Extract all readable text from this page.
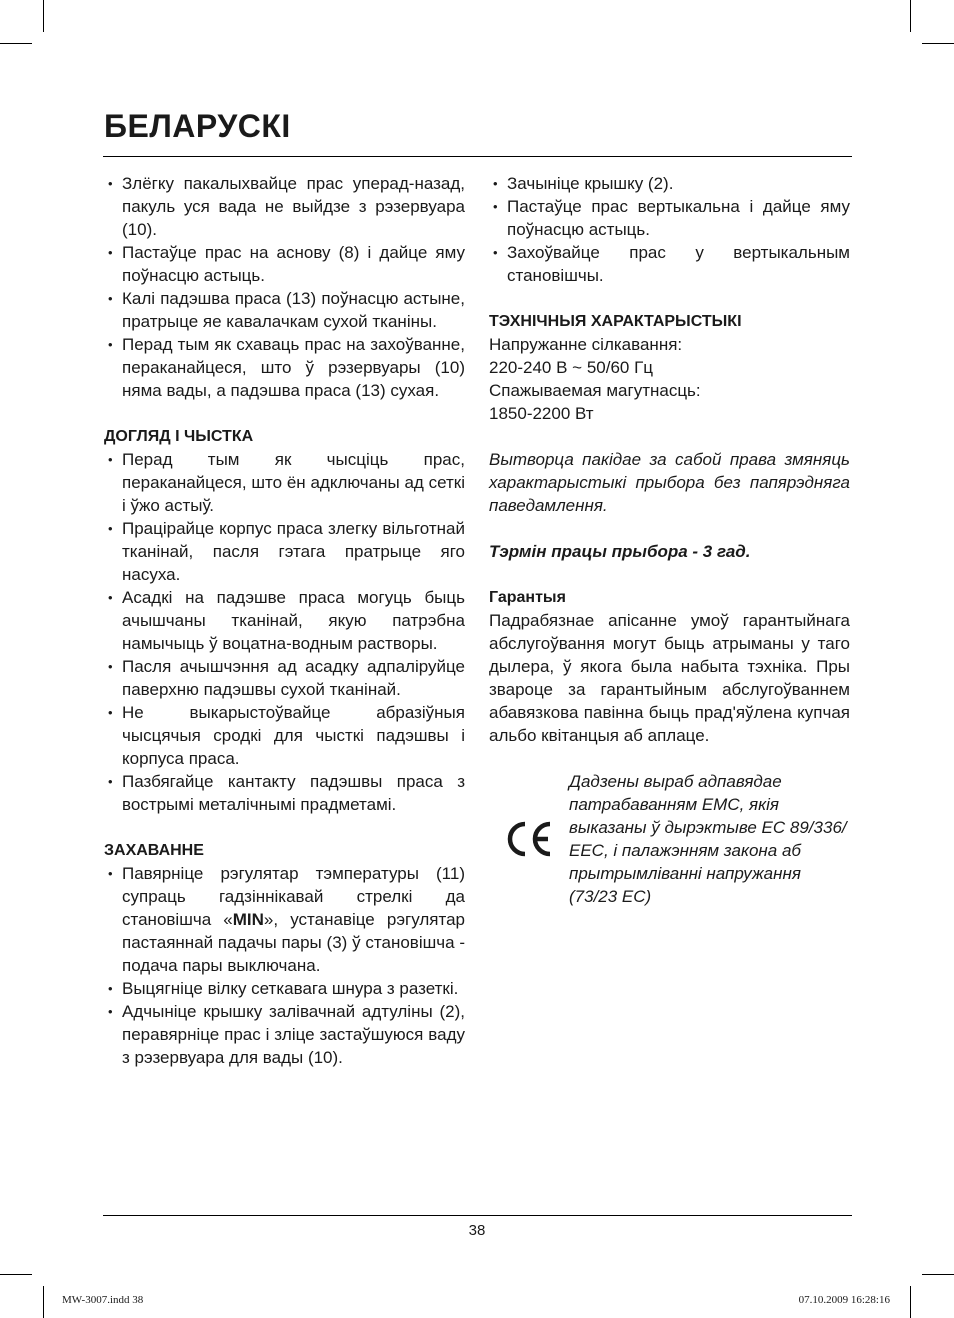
БЕЛАРУСКІ
• Злёгку пакалыхвайце прас уперад-назад, пакуль уся вада не выйдзе з рэзервуара (10).
• Пастаўце прас на аснову (8) і дайце яму поўнасцю астыць.
• Калі падэшва праса (13) поўнасцю астыне, пратрыце яе кавалачкам сухой тканіны.
• Перад тым як схаваць прас на захоўванне, пераканайцеся, што ў рэзервуары (10) няма вады, а падэшва праса (13) сухая.

ДОГЛЯД І ЧЫСТКА

• Перад тым як чысціць прас, пераканайцеся, што ён адключаны ад сеткі і ўжо астыў.
• Працірайце корпус праса злегку вільготнай тканінай, пасля гэтага пратрыце яго насуха.
• Асадкі на падэшве праса могуць быць ачышчаны тканінай, якую патрэбна намычыць ў воцатна-водным растворы.
• Пасля ачышчэння ад асадку адпаліруйце паверхню падэшвы сухой тканінай.
• Не выкарыстоўвайце абразіўныя чысцячыя сродкі для чысткі падэшвы і корпуса праса.
• Пазбягайце кантакту падэшвы праса з вострымі металічнымі прадметамі.

ЗАХАВАННЕ

• Павярніце рэгулятар тэмпературы (11) супраць гадзіннікавай стрелкі да становішча «MIN», устанавіце рэгулятар пастаяннай падачы пары (3) ў становішча - подача пары выключана.
• Выцягніце вілку сеткавага шнура з разеткі.
• Адчыніце крышку залівачнай адтуліны (2), перавярніце прас і зліце застаўшуюся ваду з рэзервуара для вады (10).
• Зачыніце крышку (2).
• Пастаўце прас вертыкальна і дайце яму поўнасцю астыць.
• Захоўвайце прас у вертыкальным становішчы.

ТЭХНІЧНЫЯ ХАРАКТАРЫСТЫКІ

Напружанне сілкавання:

220-240 В ~ 50/60 Гц

Спажываемая магутнасць:

1850-2200 Вт

Вытворца пакідае за сабой права змяняць характарыстыкі прыбора без папярэдняга паведамлення.

Тэрмін працы прыбора - 3 гад.

Гарантыя

Падрабязнае апісанне умоў гарантыйнага абслугоўвання могут быць атрыманы у таго дылера, ў якога была набыта тэхніка. Пры звароце за гарантыйным абслугоўваннем абавязкова павінна быць прад'яўлена купчая альбо квітанцыя аб аплаце.

Дадзены выраб адпавядае патрабаванням ЕМС, якія выказаны ў дырэктыве ЕС 89/336/ЕЕС, і палажэнням закона аб прытрымліванні напружання (73/23 ЕС)

38
MW-3007.indd 38	07.10.2009 16:28:16
